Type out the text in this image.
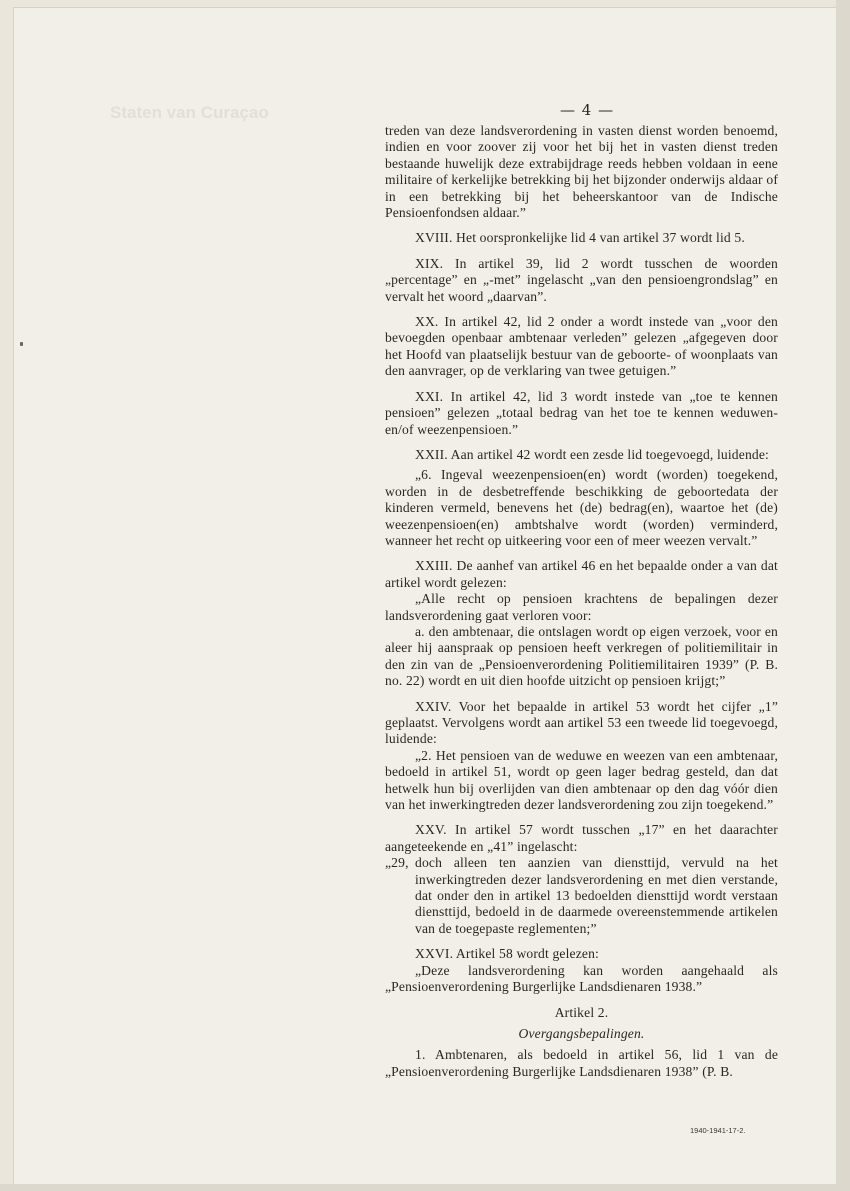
Staten van Curaçao	— 4 —

treden van deze landsverordening in vasten dienst worden benoemd, indien en voor zoover zij voor het bij het in vasten dienst treden bestaande huwelijk deze extrabijdrage reeds hebben voldaan in eene militaire of kerkelijke betrekking bij het bijzonder onderwijs aldaar of in een betrekking bij het beheerskantoor van de Indische Pensioenfondsen aldaar.”

XVIII. Het oorspronkelijke lid 4 van artikel 37 wordt lid 5.

XIX. In artikel 39, lid 2 wordt tusschen de woorden „percentage” en „-met” ingelascht „van den pensioengrondslag” en vervalt het woord „daarvan”.

XX. In artikel 42, lid 2 onder a wordt instede van „voor den bevoegden openbaar ambtenaar verleden” gelezen „afgegeven door het Hoofd van plaatselijk bestuur van de geboorte- of woonplaats van den aanvrager, op de verklaring van twee getuigen.”

XXI. In artikel 42, lid 3 wordt instede van „toe te kennen pensioen” gelezen „totaal bedrag van het toe te kennen weduwen- en/of weezenpensioen.”

XXII. Aan artikel 42 wordt een zesde lid toegevoegd, luidende:

„6. Ingeval weezenpensioen(en) wordt (worden) toegekend, worden in de desbetreffende beschikking de geboortedata der kinderen vermeld, benevens het (de) bedrag(en), waartoe het (de) weezenpensioen(en) ambtshalve wordt (worden) verminderd, wanneer het recht op uitkeering voor een of meer weezen vervalt.”

XXIII. De aanhef van artikel 46 en het bepaalde onder a van dat artikel wordt gelezen:

„Alle recht op pensioen krachtens de bepalingen dezer landsverordening gaat verloren voor:

a. den ambtenaar, die ontslagen wordt op eigen verzoek, voor en aleer hij aanspraak op pensioen heeft verkregen of politiemilitair in den zin van de „Pensioenverordening Politiemilitairen 1939” (P. B. no. 22) wordt en uit dien hoofde uitzicht op pensioen krijgt;”

XXIV. Voor het bepaalde in artikel 53 wordt het cijfer „1” geplaatst. Vervolgens wordt aan artikel 53 een tweede lid toegevoegd, luidende:

„2. Het pensioen van de weduwe en weezen van een ambtenaar, bedoeld in artikel 51, wordt op geen lager bedrag gesteld, dan dat hetwelk hun bij overlijden van dien ambtenaar op den dag vóór dien van het inwerkingtreden dezer landsverordening zou zijn toegekend.”

XXV. In artikel 57 wordt tusschen „17” en het daarachter aangeteekende en „41” ingelascht:

„29, doch alleen ten aanzien van diensttijd, vervuld na het inwerkingtreden dezer landsverordening en met dien verstande, dat onder den in artikel 13 bedoelden diensttijd wordt verstaan diensttijd, bedoeld in de daarmede overeenstemmende artikelen van de toegepaste reglementen;”

XXVI. Artikel 58 wordt gelezen:

„Deze landsverordening kan worden aangehaald als „Pensioenverordening Burgerlijke Landsdienaren 1938.”

Artikel 2.

Overgangsbepalingen.

1. Ambtenaren, als bedoeld in artikel 56, lid 1 van de „Pensioenverordening Burgerlijke Landsdienaren 1938” (P. B.

1940-1941-17-2.
